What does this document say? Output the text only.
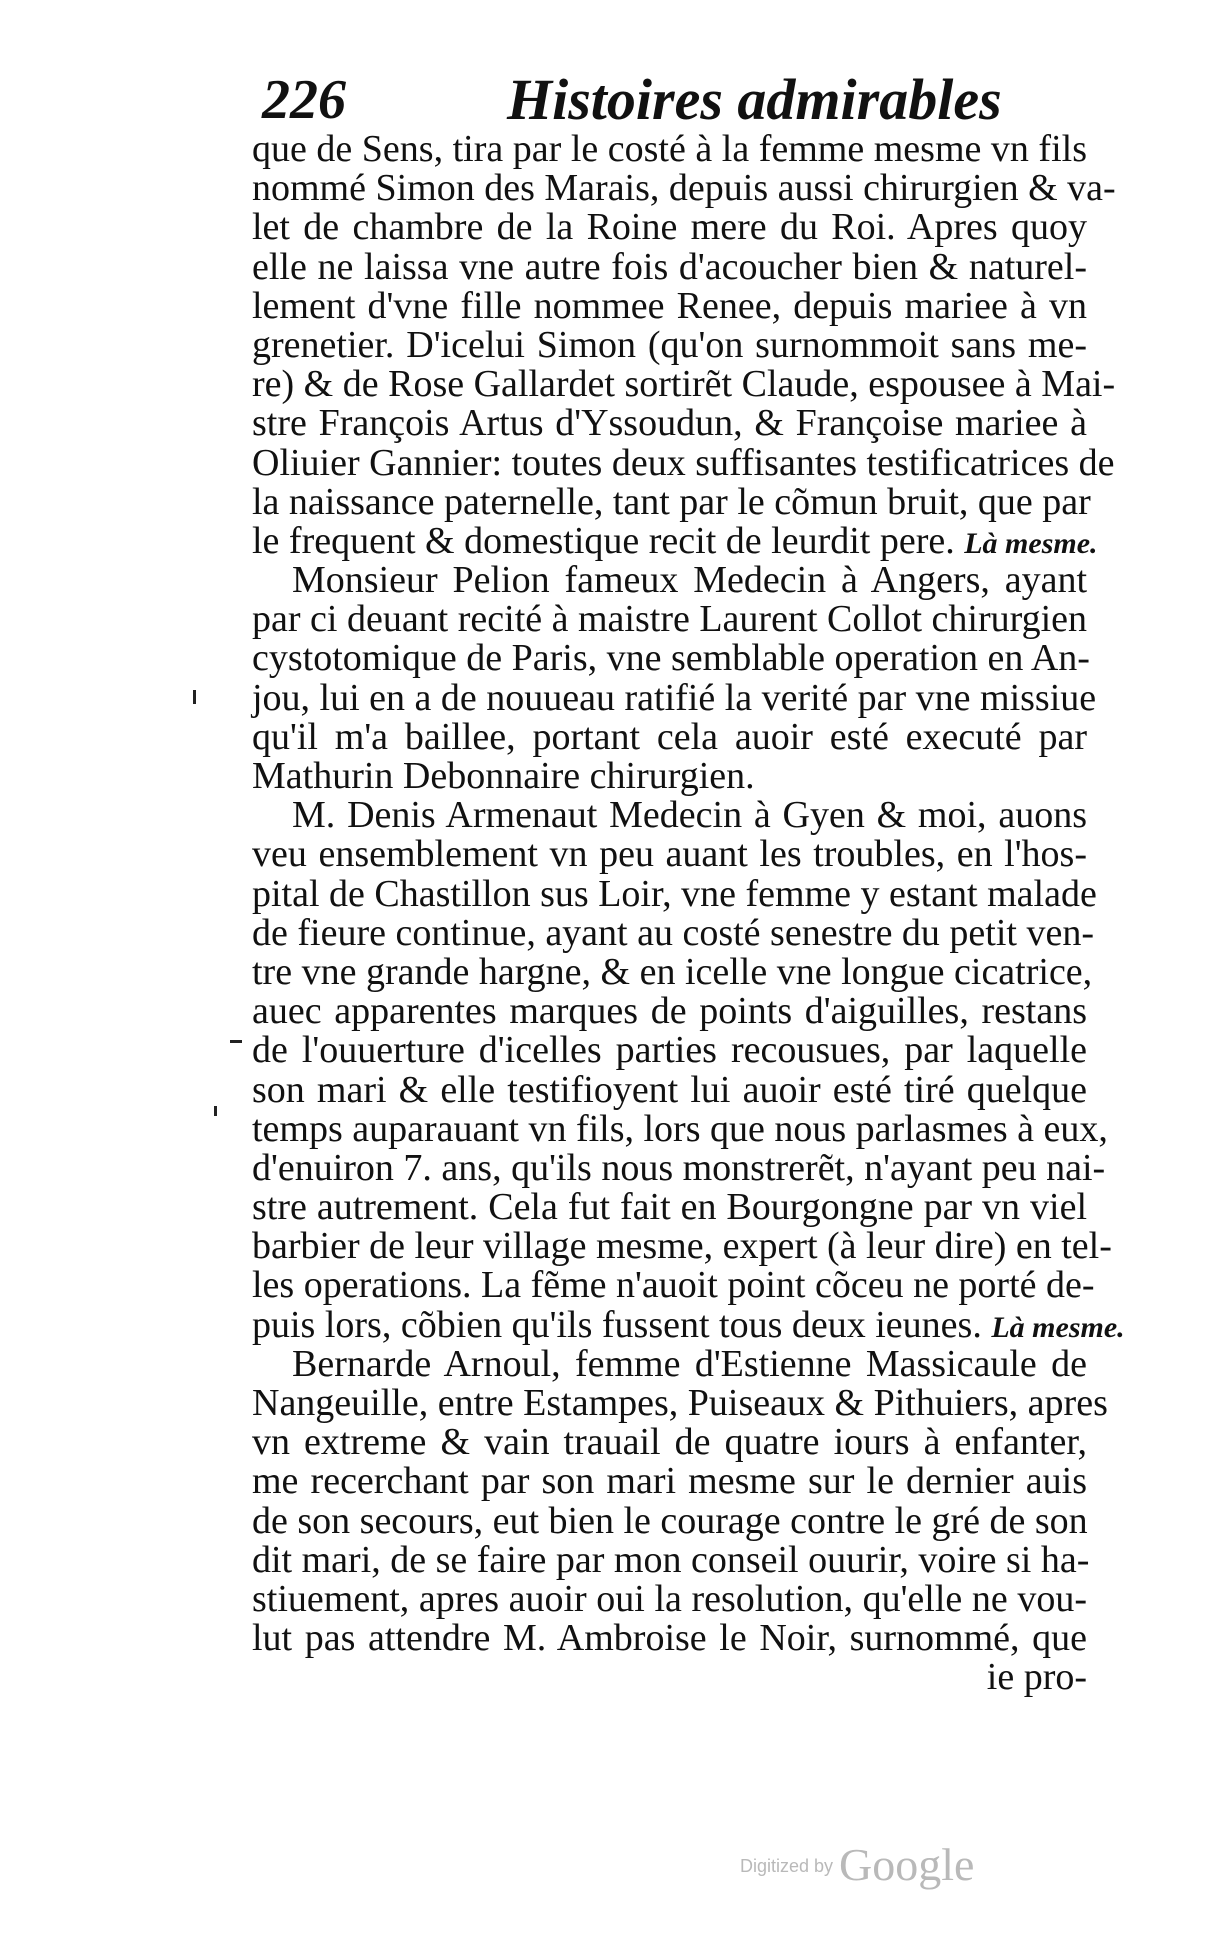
226	Histoires admirables
que de Sens, tira par le costé à la femme mesme vn fils
nommé Simon des Marais, depuis aussi chirurgien & va-
let de chambre de la Roine mere du Roi. Apres quoy
elle ne laissa vne autre fois d'acoucher bien & naturel-
lement d'vne fille nommee Renee, depuis mariee à vn
grenetier. D'icelui Simon (qu'on surnommoit sans me-
re) & de Rose Gallardet sortirẽt Claude, espousee à Mai-
stre François Artus d'Yssoudun, & Françoise mariee à
Oliuier Gannier: toutes deux suffisantes testificatrices de
la naissance paternelle, tant par le cõmun bruit, que par
le frequent & domestique recit de leurdit pere. Là mesme.
Monsieur Pelion fameux Medecin à Angers, ayant
par ci deuant recité à maistre Laurent Collot chirurgien
cystotomique de Paris, vne semblable operation en An-
jou, lui en a de nouueau ratifié la verité par vne missiue
qu'il m'a baillee, portant cela auoir esté executé par
Mathurin Debonnaire chirurgien.
M. Denis Armenaut Medecin à Gyen & moi, auons
veu ensemblement vn peu auant les troubles, en l'hos-
pital de Chastillon sus Loir, vne femme y estant malade
de fieure continue, ayant au costé senestre du petit ven-
tre vne grande hargne, & en icelle vne longue cicatrice,
auec apparentes marques de points d'aiguilles, restans
de l'ouuerture d'icelles parties recousues, par laquelle
son mari & elle testifioyent lui auoir esté tiré quelque
temps auparauant vn fils, lors que nous parlasmes à eux,
d'enuiron 7. ans, qu'ils nous monstrerẽt, n'ayant peu nai-
stre autrement. Cela fut fait en Bourgongne par vn viel
barbier de leur village mesme, expert (à leur dire) en tel-
les operations. La fẽme n'auoit point cõceu ne porté de-
puis lors, cõbien qu'ils fussent tous deux ieunes. Là mesme.
Bernarde Arnoul, femme d'Estienne Massicaule de
Nangeuille, entre Estampes, Puiseaux & Pithuiers, apres
vn extreme & vain trauail de quatre iours à enfanter,
me recerchant par son mari mesme sur le dernier auis
de son secours, eut bien le courage contre le gré de son
dit mari, de se faire par mon conseil ouurir, voire si ha-
stiuement, apres auoir oui la resolution, qu'elle ne vou-
lut pas attendre M. Ambroise le Noir, surnommé, que
ie pro-
Digitized by Google
